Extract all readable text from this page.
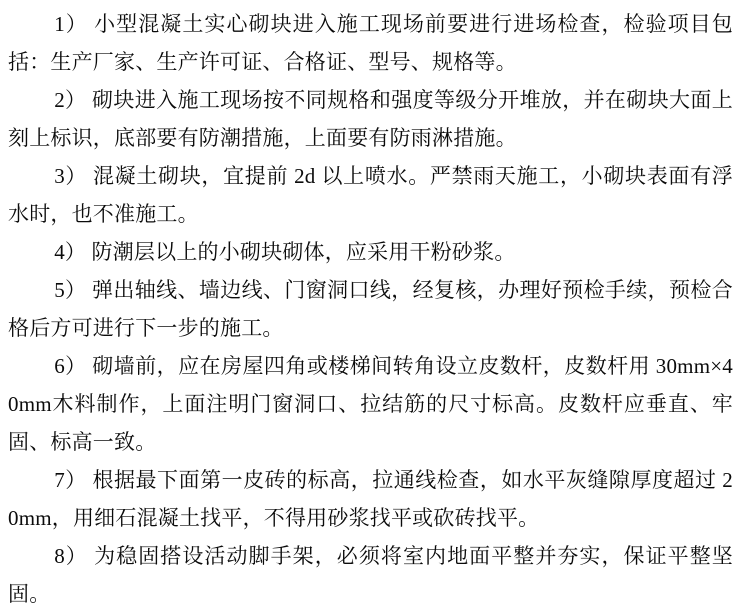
1） 小型混凝土实心砌块进入施工现场前要进行进场检查，检验项目包括：生产厂家、生产许可证、合格证、型号、规格等。

2） 砌块进入施工现场按不同规格和强度等级分开堆放，并在砌块大面上刻上标识，底部要有防潮措施，上面要有防雨淋措施。

3） 混凝土砌块，宜提前 2d 以上喷水。严禁雨天施工，小砌块表面有浮水时，也不准施工。

4） 防潮层以上的小砌块砌体，应采用干粉砂浆。

5） 弹出轴线、墙边线、门窗洞口线，经复核，办理好预检手续，预检合格后方可进行下一步的施工。

6） 砌墙前，应在房屋四角或楼梯间转角设立皮数杆，皮数杆用 30mm×40mm木料制作，上面注明门窗洞口、拉结筋的尺寸标高。皮数杆应垂直、牢固、标高一致。

7） 根据最下面第一皮砖的标高，拉通线检查，如水平灰缝隙厚度超过 20mm，用细石混凝土找平，不得用砂浆找平或砍砖找平。

8） 为稳固搭设活动脚手架，必须将室内地面平整并夯实，保证平整坚固。
